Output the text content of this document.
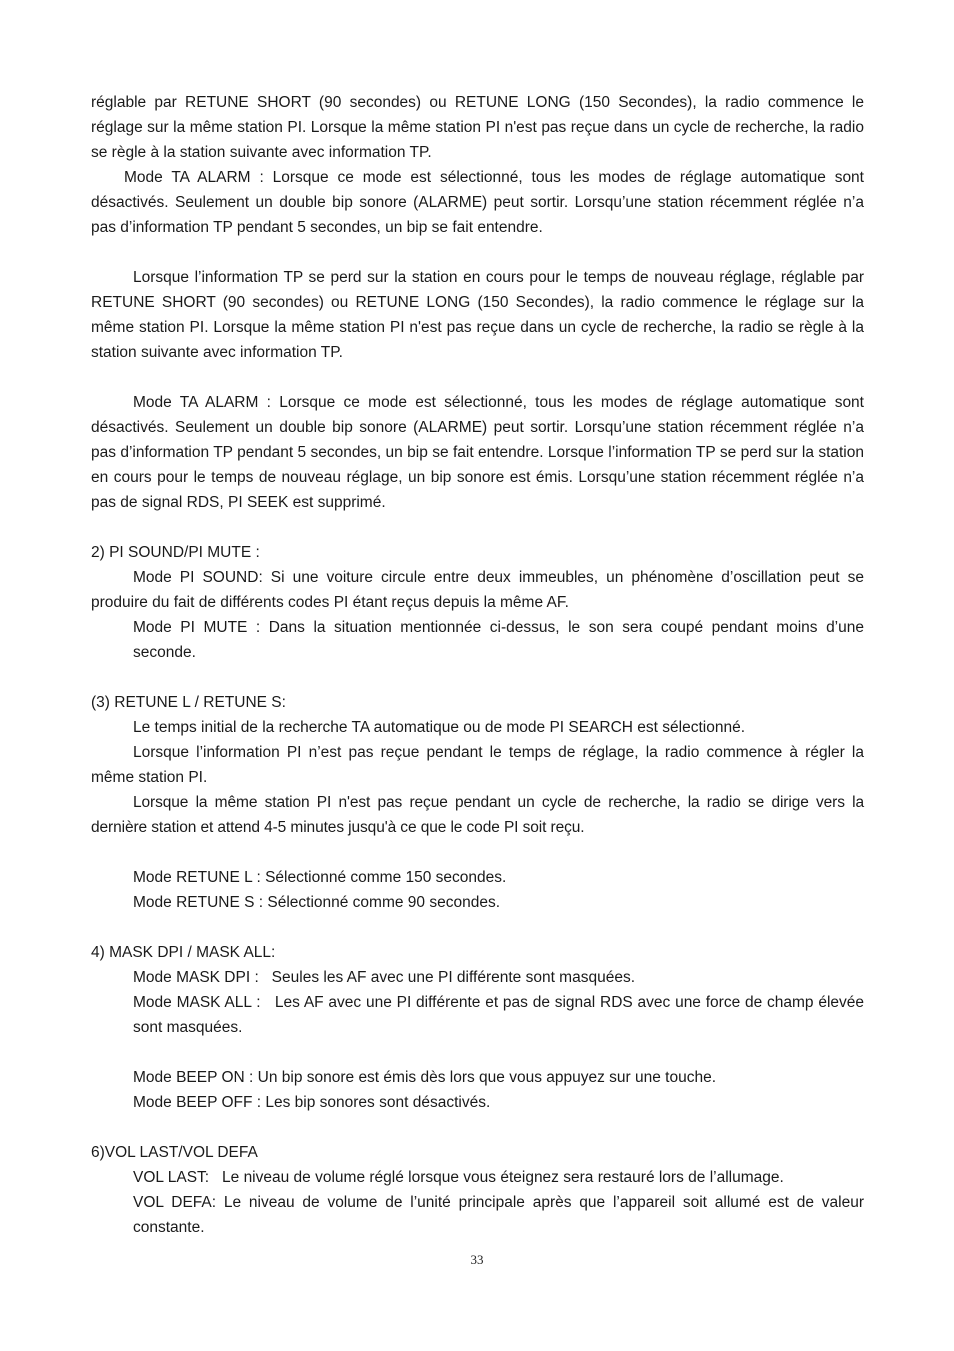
réglable par RETUNE SHORT (90 secondes) ou RETUNE LONG (150 Secondes), la radio commence le réglage sur la même station PI. Lorsque la même station PI n'est pas reçue dans un cycle de recherche, la radio se règle à la station suivante avec information TP.

Mode TA ALARM : Lorsque ce mode est sélectionné, tous les modes de réglage automatique sont désactivés. Seulement un double bip sonore (ALARME) peut sortir. Lorsqu’une station récemment réglée n’a pas d’information TP pendant 5 secondes, un bip se fait entendre.

Lorsque l’information TP se perd sur la station en cours pour le temps de nouveau réglage, réglable par RETUNE SHORT (90 secondes) ou RETUNE LONG (150 Secondes), la radio commence le réglage sur la même station PI. Lorsque la même station PI n'est pas reçue dans un cycle de recherche, la radio se règle à la station suivante avec information TP.

Mode TA ALARM : Lorsque ce mode est sélectionné, tous les modes de réglage automatique sont désactivés. Seulement un double bip sonore (ALARME) peut sortir. Lorsqu’une station récemment réglée n’a pas d’information TP pendant 5 secondes, un bip se fait entendre. Lorsque l’information TP se perd sur la station en cours pour le temps de nouveau réglage, un bip sonore est émis. Lorsqu’une station récemment réglée n’a pas de signal RDS, PI SEEK est supprimé.

2) PI SOUND/PI MUTE :

Mode PI SOUND: Si une voiture circule entre deux immeubles, un phénomène d’oscillation peut se produire du fait de différents codes PI étant reçus depuis la même AF.

Mode PI MUTE : Dans la situation mentionnée ci-dessus, le son sera coupé pendant moins d’une seconde.

(3) RETUNE L / RETUNE S:

Le temps initial de la recherche TA automatique ou de mode PI SEARCH est sélectionné.

Lorsque l’information PI n’est pas reçue pendant le temps de réglage, la radio commence à régler la même station PI.

Lorsque la même station PI n'est pas reçue pendant un cycle de recherche, la radio se dirige vers la dernière station et attend 4-5 minutes jusqu'à ce que le code PI soit reçu.

Mode RETUNE L : Sélectionné comme 150 secondes.

Mode RETUNE S : Sélectionné comme 90 secondes.

4) MASK DPI / MASK ALL:

Mode MASK DPI :   Seules les AF avec une PI différente sont masquées.

Mode MASK ALL :   Les AF avec une PI différente et pas de signal RDS avec une force de champ élevée sont masquées.

Mode BEEP ON : Un bip sonore est émis dès lors que vous appuyez sur une touche.

Mode BEEP OFF : Les bip sonores sont désactivés.

6)VOL LAST/VOL DEFA

VOL LAST:   Le niveau de volume réglé lorsque vous éteignez sera restauré lors de l’allumage.

VOL DEFA: Le niveau de volume de l’unité principale après que l’appareil soit allumé est de valeur constante.

33
